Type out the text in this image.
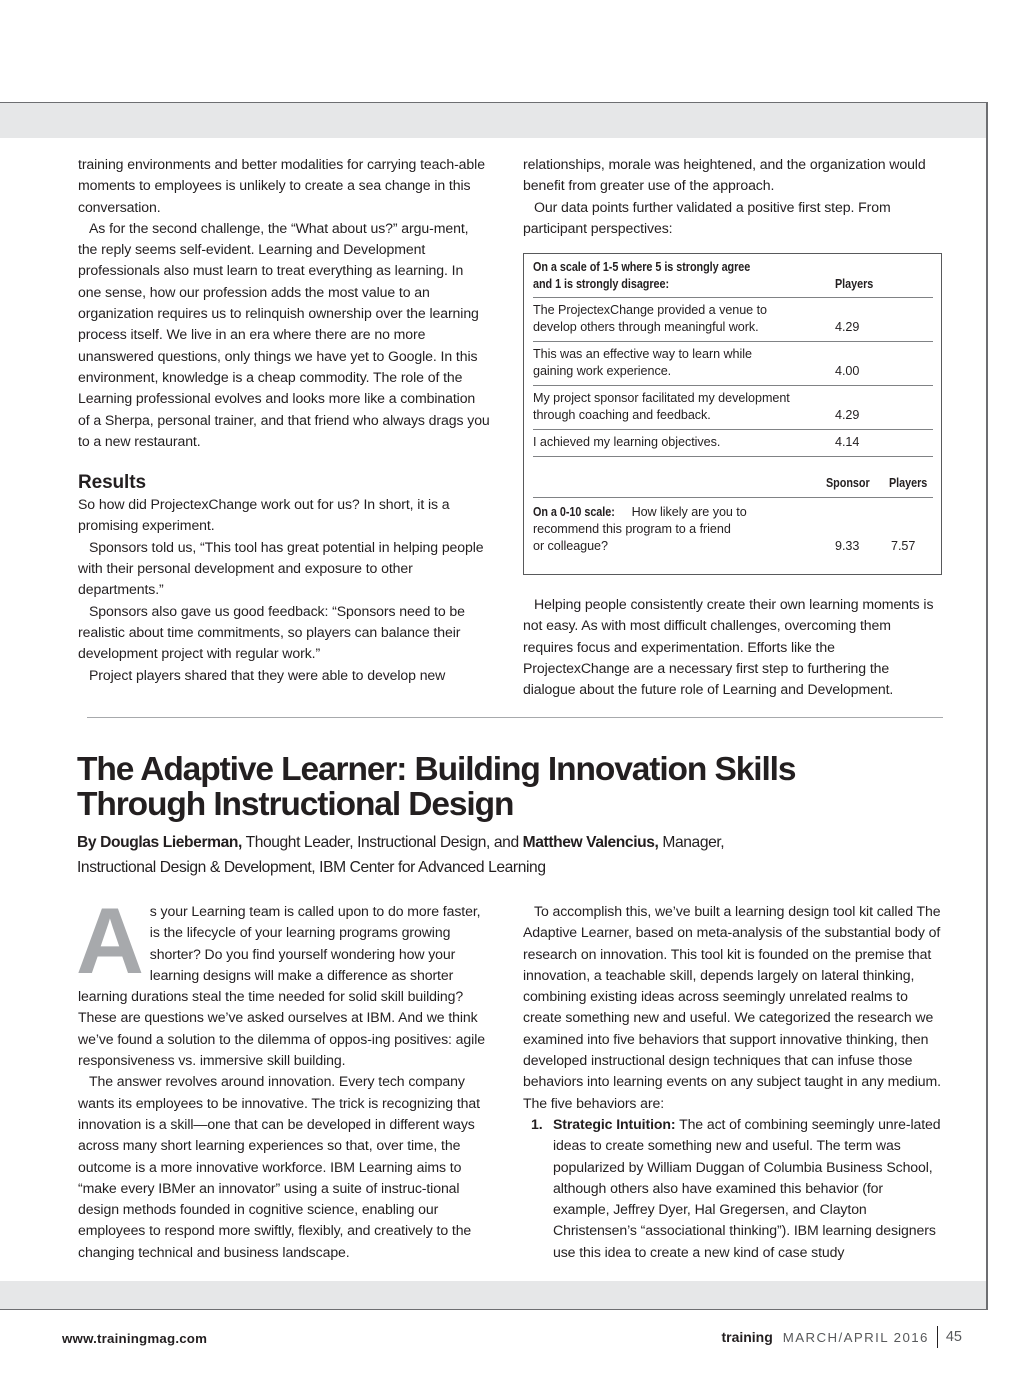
training environments and better modalities for carrying teach-able moments to employees is unlikely to create a sea change in this conversation.

As for the second challenge, the “What about us?” argu-ment, the reply seems self-evident. Learning and Development professionals also must learn to treat everything as learning. In one sense, how our profession adds the most value to an organization requires us to relinquish ownership over the learning process itself. We live in an era where there are no more unanswered questions, only things we have yet to Google. In this environment, knowledge is a cheap commodity. The role of the Learning professional evolves and looks more like a combination of a Sherpa, personal trainer, and that friend who always drags you to a new restaurant.

Results

So how did ProjectexChange work out for us? In short, it is a promising experiment.

Sponsors told us, “This tool has great potential in helping people with their personal development and exposure to other departments.”

Sponsors also gave us good feedback: “Sponsors need to be realistic about time commitments, so players can balance their development project with regular work.”

Project players shared that they were able to develop new

relationships, morale was heightened, and the organization would benefit from greater use of the approach.

Our data points further validated a positive first step. From participant perspectives:

On a scale of 1-5 where 5 is strongly agree
and 1 is strongly disagree:	Players
The ProjectexChange provided a venue to
develop others through meaningful work.	4.29
This was an effective way to learn while
gaining work experience.	4.00
My project sponsor facilitated my development
through coaching and feedback.	4.29
I achieved my learning objectives.	4.14
Sponsor Players
On a 0-10 scale: How likely are you to
recommend this program to a friend
or colleague?	9.33	7.57

Helping people consistently create their own learning moments is not easy. As with most difficult challenges, overcoming them requires focus and experimentation. Efforts like the ProjectexChange are a necessary first step to furthering the dialogue about the future role of Learning and Development.

The Adaptive Learner: Building Innovation Skills
Through Instructional Design
By Douglas Lieberman, Thought Leader, Instructional Design, and Matthew Valencius, Manager,
Instructional Design & Development, IBM Center for Advanced Learning

As your Learning team is called upon to do more faster, is the lifecycle of your learning programs growing shorter? Do you find yourself wondering how your learning designs will make a difference as shorter learning durations steal the time needed for solid skill building? These are questions we’ve asked ourselves at IBM. And we think we’ve found a solution to the dilemma of oppos-ing positives: agile responsiveness vs. immersive skill building.

The answer revolves around innovation. Every tech company wants its employees to be innovative. The trick is recognizing that innovation is a skill—one that can be developed in different ways across many short learning experiences so that, over time, the outcome is a more innovative workforce. IBM Learning aims to “make every IBMer an innovator” using a suite of instruc-tional design methods founded in cognitive science, enabling our employees to respond more swiftly, flexibly, and creatively to the changing technical and business landscape.

To accomplish this, we’ve built a learning design tool kit called The Adaptive Learner, based on meta-analysis of the substantial body of research on innovation. This tool kit is founded on the premise that innovation, a teachable skill, depends largely on lateral thinking, combining existing ideas across seemingly unrelated realms to create something new and useful. We categorized the research we examined into five behaviors that support innovative thinking, then developed instructional design techniques that can infuse those behaviors into learning events on any subject taught in any medium. The five behaviors are:

1. Strategic Intuition: The act of combining seemingly unre-lated ideas to create something new and useful. The term was popularized by William Duggan of Columbia Business School, although others also have examined this behavior (for example, Jeffrey Dyer, Hal Gregersen, and Clayton Christensen’s “associational thinking”). IBM learning designers use this idea to create a new kind of case study
www.trainingmag.com	training MARCH/APRIL 2016 45
